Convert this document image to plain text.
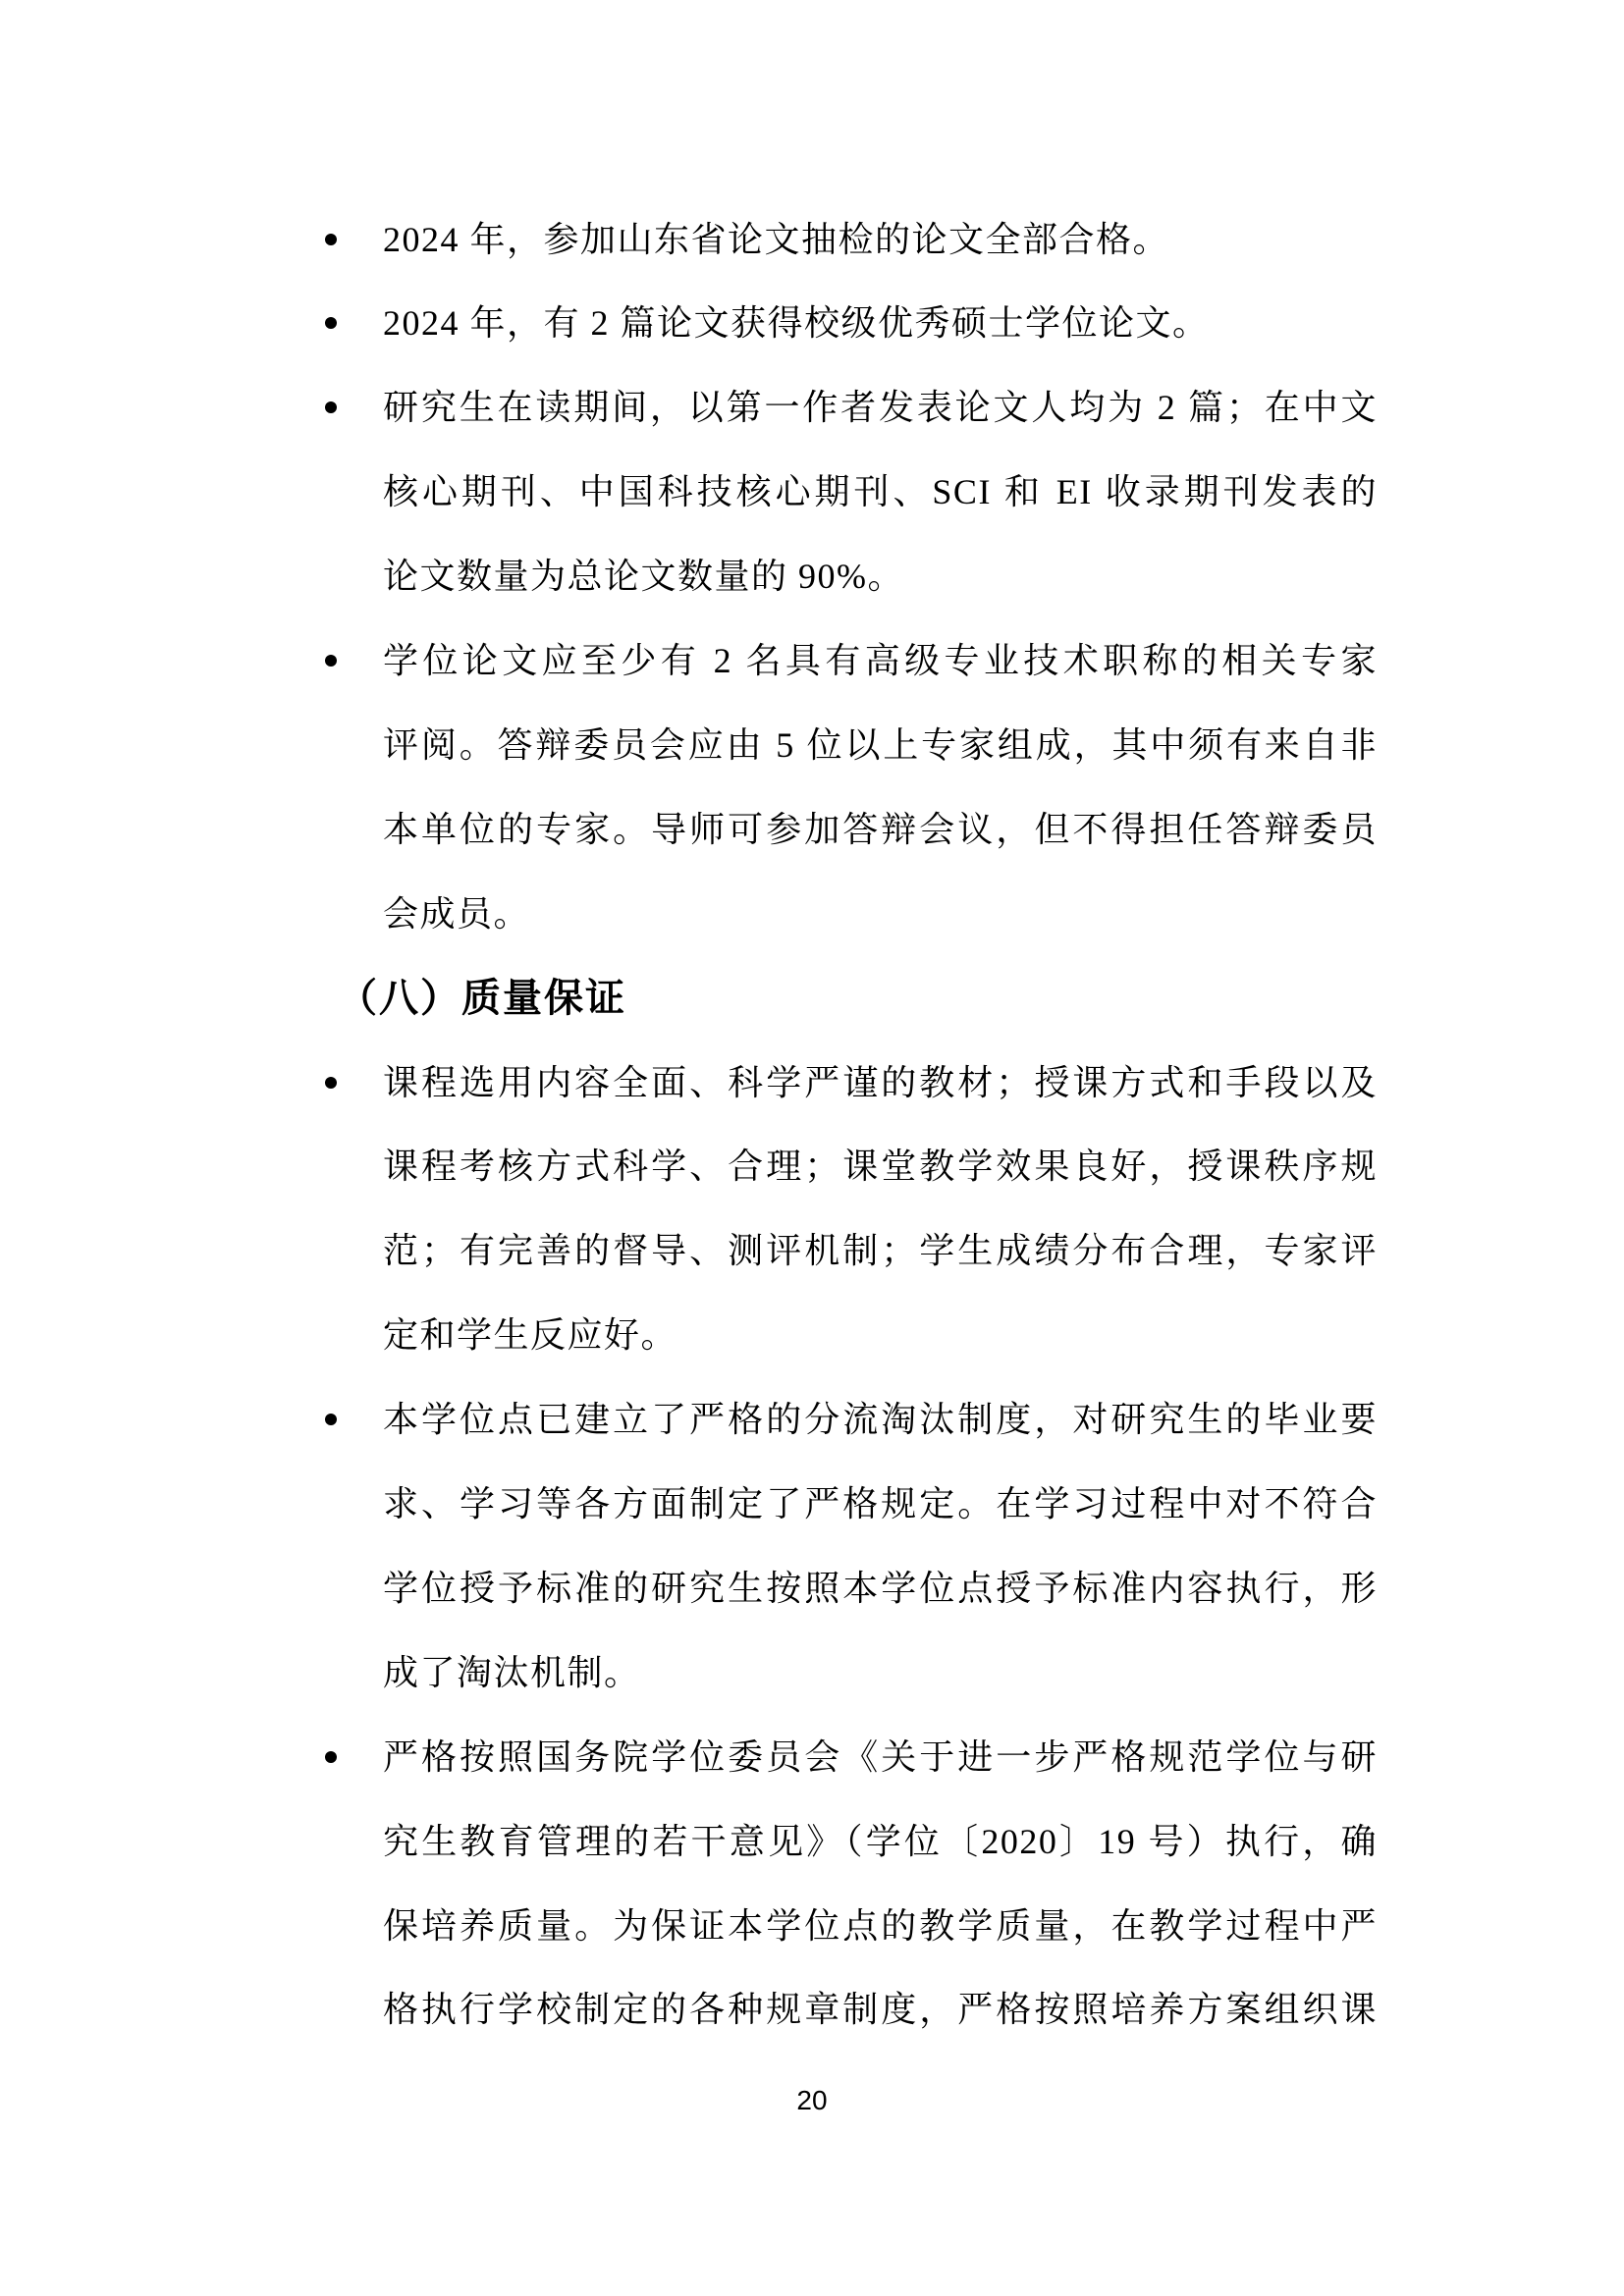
20
2024 年，参加山东省论文抽检的论文全部合格。
2024 年，有 2 篇论文获得校级优秀硕士学位论文。
研究生在读期间，以第一作者发表论文人均为 2 篇；在中文
核心期刊、中国科技核心期刊、SCI 和 EI 收录期刊发表的
论文数量为总论文数量的 90%。
学位论文应至少有 2 名具有高级专业技术职称的相关专家
评阅。答辩委员会应由 5 位以上专家组成，其中须有来自非
本单位的专家。导师可参加答辩会议，但不得担任答辩委员
会成员。
（八）质量保证
课程选用内容全面、科学严谨的教材；授课方式和手段以及
课程考核方式科学、合理；课堂教学效果良好，授课秩序规
范；有完善的督导、测评机制；学生成绩分布合理，专家评
定和学生反应好。
本学位点已建立了严格的分流淘汰制度，对研究生的毕业要
求、学习等各方面制定了严格规定。在学习过程中对不符合
学位授予标准的研究生按照本学位点授予标准内容执行，形
成了淘汰机制。
严格按照国务院学位委员会《关于进一步严格规范学位与研
究生教育管理的若干意见》（学位〔2020〕19 号）执行，确
保培养质量。为保证本学位点的教学质量，在教学过程中严
格执行学校制定的各种规章制度，严格按照培养方案组织课
